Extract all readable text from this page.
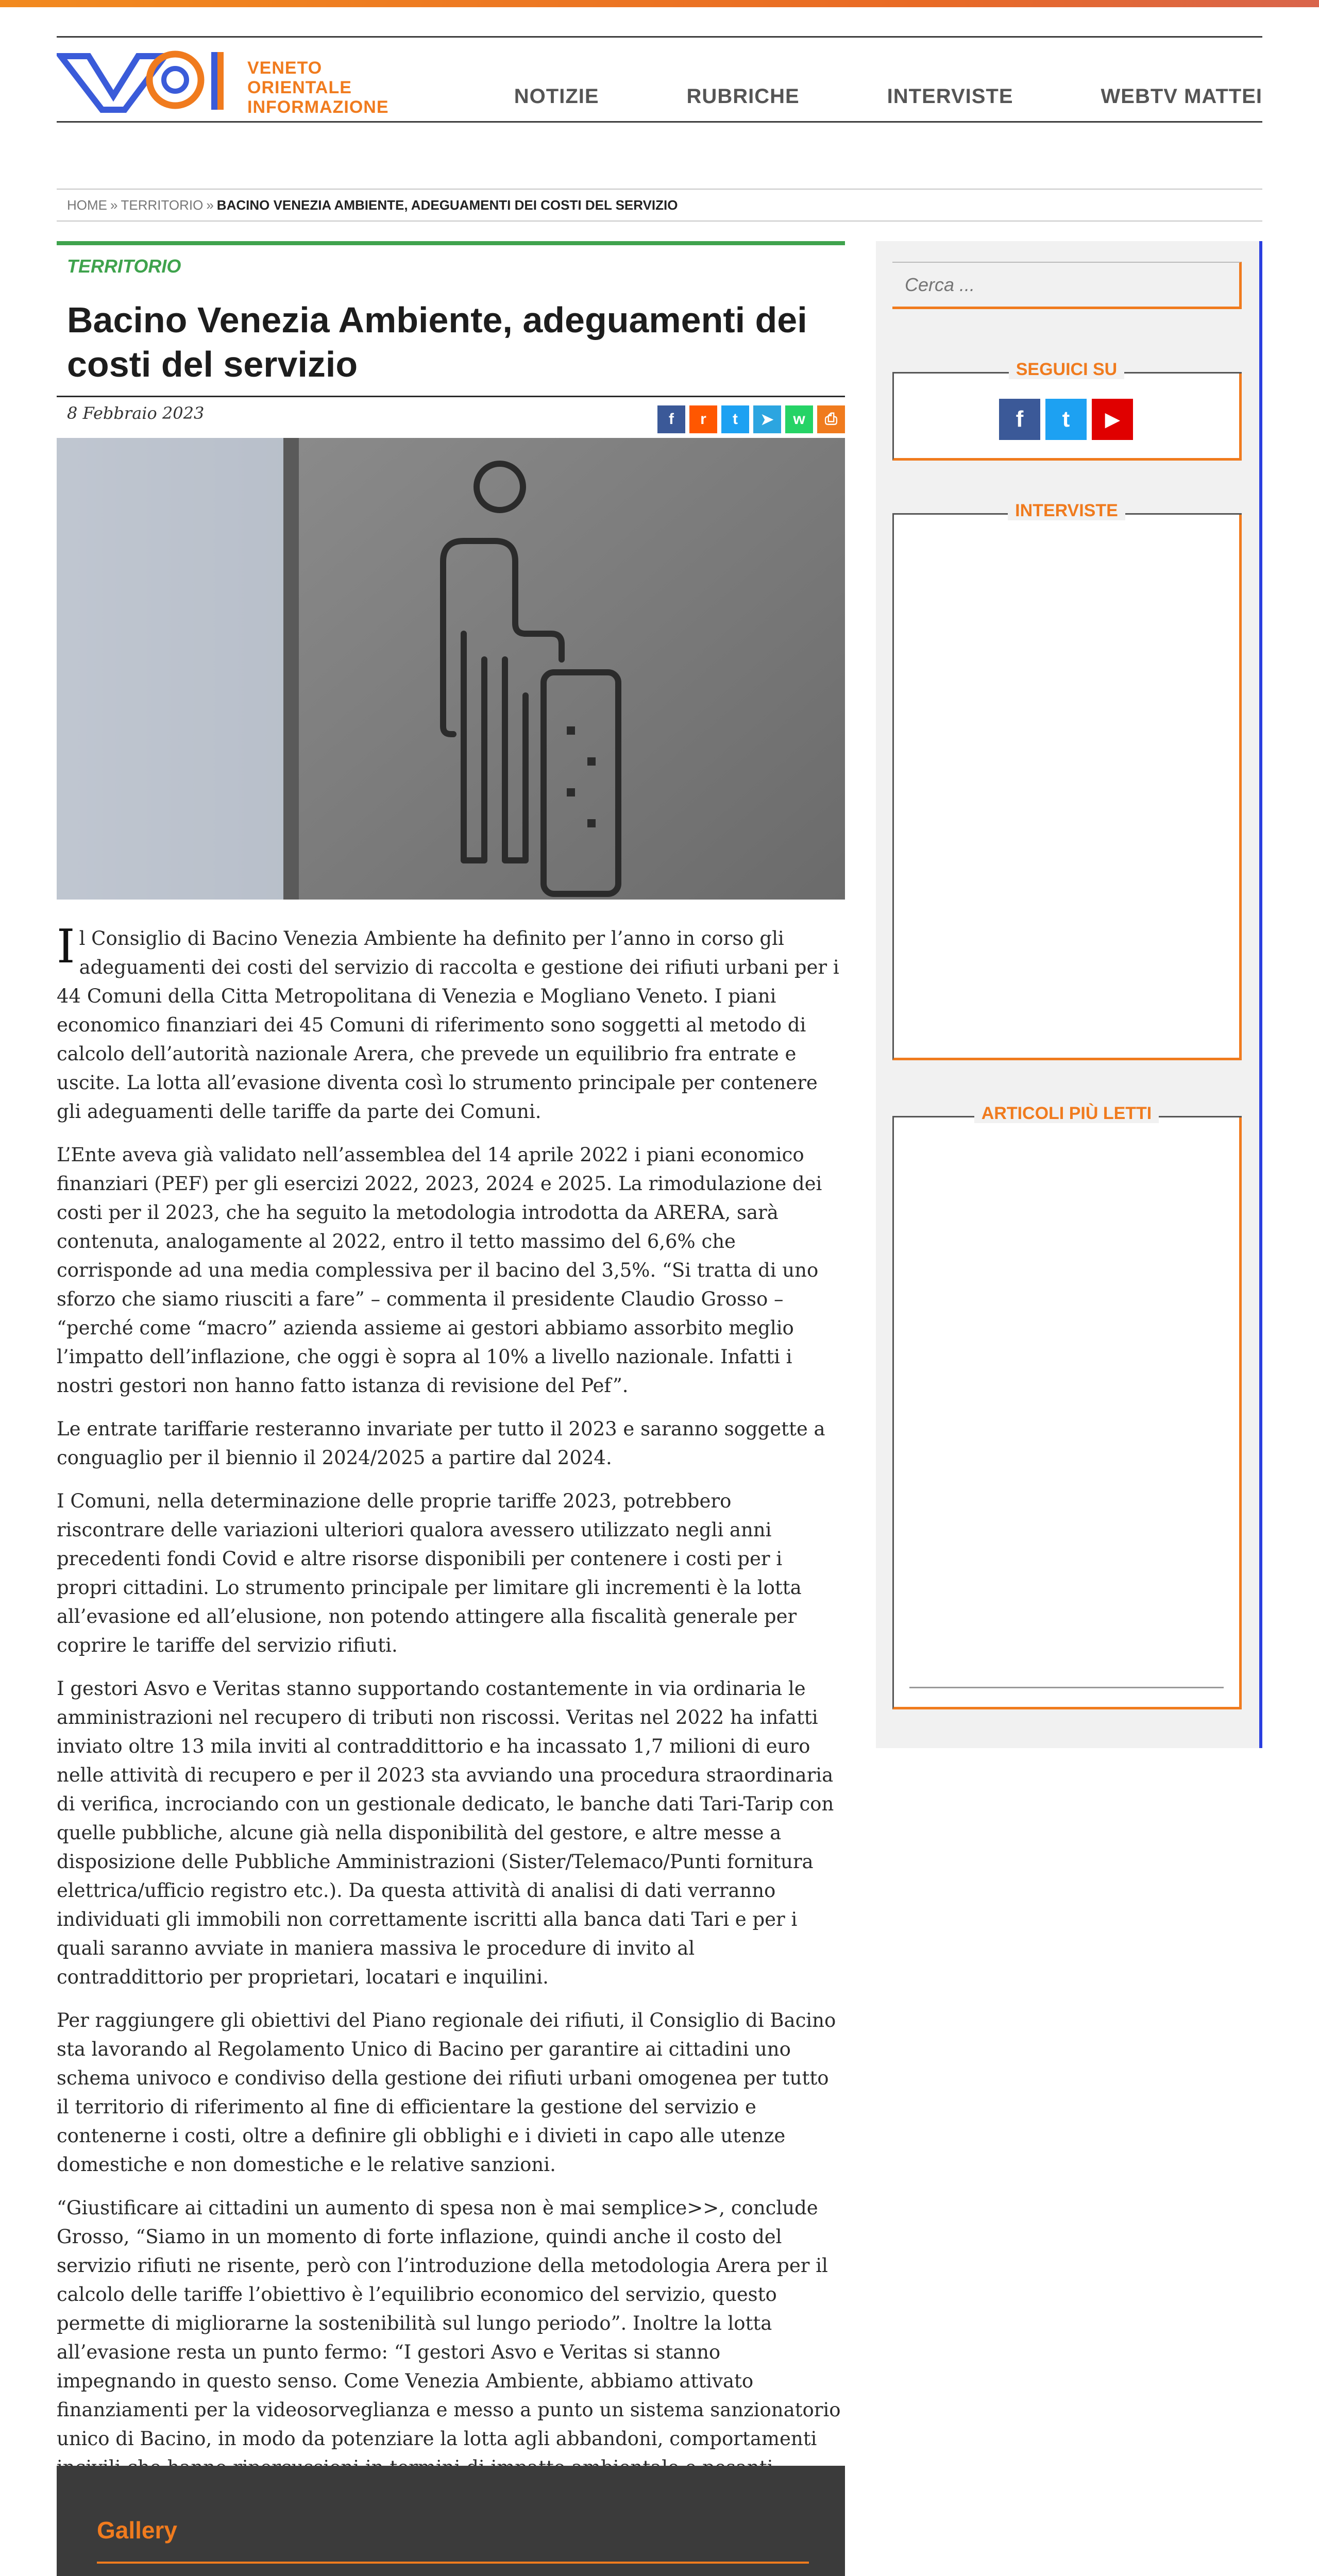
VENETO
ORIENTALE
INFORMAZIONE	NOTIZIE	RUBRICHE	INTERVISTE	WEBTV MATTEI
HOME » TERRITORIO » BACINO VENEZIA AMBIENTE, ADEGUAMENTI DEI COSTI DEL SERVIZIO
TERRITORIO
Bacino Venezia Ambiente, adeguamenti dei costi del servizio
8 Febbraio 2023	f	r	t	➤	w	⎙

Il Consiglio di Bacino Venezia Ambiente ha definito per l’anno in corso gli adeguamenti dei costi del servizio di raccolta e gestione dei rifiuti urbani per i 44 Comuni della Citta Metropolitana di Venezia e Mogliano Veneto. I piani economico finanziari dei 45 Comuni di riferimento sono soggetti al metodo di calcolo dell’autorità nazionale Arera, che prevede un equilibrio fra entrate e uscite. La lotta all’evasione diventa così lo strumento principale per contenere gli adeguamenti delle tariffe da parte dei Comuni.

L’Ente aveva già validato nell’assemblea del 14 aprile 2022 i piani economico finanziari (PEF) per gli esercizi 2022, 2023, 2024 e 2025. La rimodulazione dei costi per il 2023, che ha seguito la metodologia introdotta da ARERA, sarà contenuta, analogamente al 2022, entro il tetto massimo del 6,6% che corrisponde ad una media complessiva per il bacino del 3,5%. “Si tratta di uno sforzo che siamo riusciti a fare” – commenta il presidente Claudio Grosso – “perché come “macro” azienda assieme ai gestori abbiamo assorbito meglio l’impatto dell’inflazione, che oggi è sopra al 10% a livello nazionale. Infatti i nostri gestori non hanno fatto istanza di revisione del Pef”.

Le entrate tariffarie resteranno invariate per tutto il 2023 e saranno soggette a conguaglio per il biennio il 2024/2025 a partire dal 2024.

I Comuni, nella determinazione delle proprie tariffe 2023, potrebbero riscontrare delle variazioni ulteriori qualora avessero utilizzato negli anni precedenti fondi Covid e altre risorse disponibili per contenere i costi per i propri cittadini. Lo strumento principale per limitare gli incrementi è la lotta all’evasione ed all’elusione, non potendo attingere alla fiscalità generale per coprire le tariffe del servizio rifiuti.

I gestori Asvo e Veritas stanno supportando costantemente in via ordinaria le amministrazioni nel recupero di tributi non riscossi. Veritas nel 2022 ha infatti inviato oltre 13 mila inviti al contraddittorio e ha incassato 1,7 milioni di euro nelle attività di recupero e per il 2023 sta avviando una procedura straordinaria di verifica, incrociando con un gestionale dedicato, le banche dati Tari-Tarip con quelle pubbliche, alcune già nella disponibilità del gestore, e altre messe a disposizione delle Pubbliche Amministrazioni (Sister/Telemaco/Punti fornitura elettrica/ufficio registro etc.). Da questa attività di analisi di dati verranno individuati gli immobili non correttamente iscritti alla banca dati Tari e per i quali saranno avviate in maniera massiva le procedure di invito al contraddittorio per proprietari, locatari e inquilini.

Per raggiungere gli obiettivi del Piano regionale dei rifiuti, il Consiglio di Bacino sta lavorando al Regolamento Unico di Bacino per garantire ai cittadini uno schema univoco e condiviso della gestione dei rifiuti urbani omogenea per tutto il territorio di riferimento al fine di efficientare la gestione del servizio e contenerne i costi, oltre a definire gli obblighi e i divieti in capo alle utenze domestiche e non domestiche e le relative sanzioni.

“Giustificare ai cittadini un aumento di spesa non è mai semplice>>, conclude Grosso, “Siamo in un momento di forte inflazione, quindi anche il costo del servizio rifiuti ne risente, però con l’introduzione della metodologia Arera per il calcolo delle tariffe l’obiettivo è l’equilibrio economico del servizio, questo permette di migliorarne la sostenibilità sul lungo periodo”. Inoltre la lotta all’evasione resta un punto fermo: “I gestori Asvo e Veritas si stanno impegnando in questo senso. Come Venezia Ambiente, abbiamo attivato finanziamenti per la videosorveglianza e messo a punto un sistema sanzionatorio unico di Bacino, in modo da potenziare la lotta agli abbandoni, comportamenti

Gallery

Cerca ...
SEGUICI SU
f	t	▶
INTERVISTE
ARTICOLI PIÙ LETTI
